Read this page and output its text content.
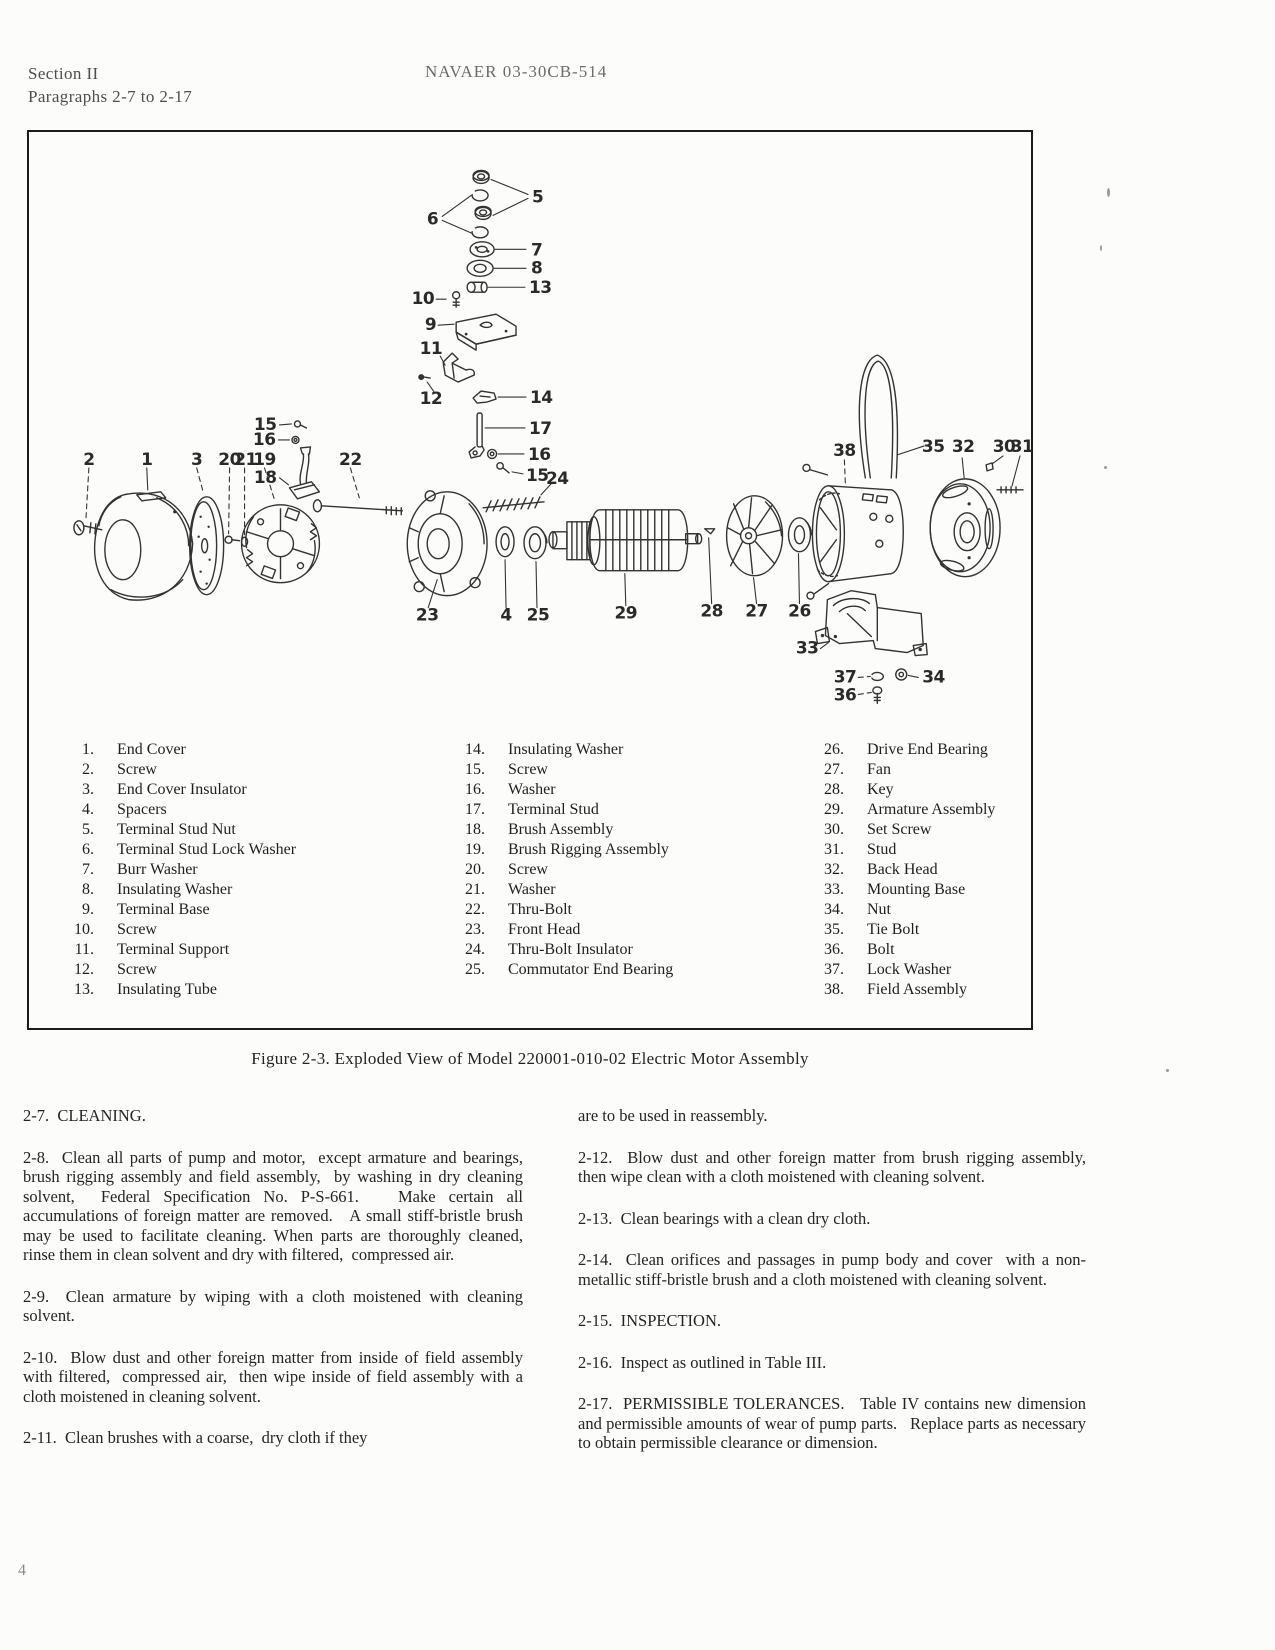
Section II
Paragraphs 2-7 to 2-17
NAVAER 03-30CB-514
2	1 3 20
21
19	22
15
16
18
5
6
7
8
13
10
9
11
12	14
17
16
15
24
23	4 25	29	28 27 26
38	35 32 30
31
33
37	34
36
1. End Cover
2. Screw
3. End Cover Insulator
4. Spacers
5. Terminal Stud Nut
6. Terminal Stud Lock Washer
7. Burr Washer
8. Insulating Washer
9. Terminal Base
10. Screw
11. Terminal Support
12. Screw
13. Insulating Tube
14. Insulating Washer
15. Screw
16. Washer
17. Terminal Stud
18. Brush Assembly
19. Brush Rigging Assembly
20. Screw
21. Washer
22. Thru-Bolt
23. Front Head
24. Thru-Bolt Insulator
25. Commutator End Bearing
26. Drive End Bearing
27. Fan
28. Key
29. Armature Assembly
30. Set Screw
31. Stud
32. Back Head
33. Mounting Base
34. Nut
35. Tie Bolt
36. Bolt
37. Lock Washer
38. Field Assembly
Figure 2-3. Exploded View of Model 220001-010-02 Electric Motor Assembly

2-7.  CLEANING.

2-8.  Clean all parts of pump and motor,  except armature and bearings,  brush rigging assembly and field assembly,  by washing in dry cleaning solvent,  Federal Specification No. P-S-661.   Make certain all accumulations of foreign matter are removed.   A small stiff-bristle brush may be used to facilitate cleaning. When parts are thoroughly cleaned,  rinse them in clean solvent and dry with filtered,  compressed air.

2-9.  Clean armature by wiping with a cloth moistened with cleaning solvent.

2-10.  Blow dust and other foreign matter from inside of field assembly with filtered,  compressed air,  then wipe inside of field assembly with a cloth moistened in cleaning solvent.

2-11.  Clean brushes with a coarse,  dry cloth if they

are to be used in reassembly.

2-12.  Blow dust and other foreign matter from brush rigging assembly,  then wipe clean with a cloth moistened with cleaning solvent.

2-13.  Clean bearings with a clean dry cloth.

2-14.  Clean orifices and passages in pump body and cover  with a non-metallic stiff-bristle brush and a cloth moistened with cleaning solvent.

2-15.  INSPECTION.

2-16.  Inspect as outlined in Table III.

2-17.  PERMISSIBLE TOLERANCES.   Table IV contains new dimension and permissible amounts of wear of pump parts.   Replace parts as necessary to obtain permissible clearance or dimension.

4
